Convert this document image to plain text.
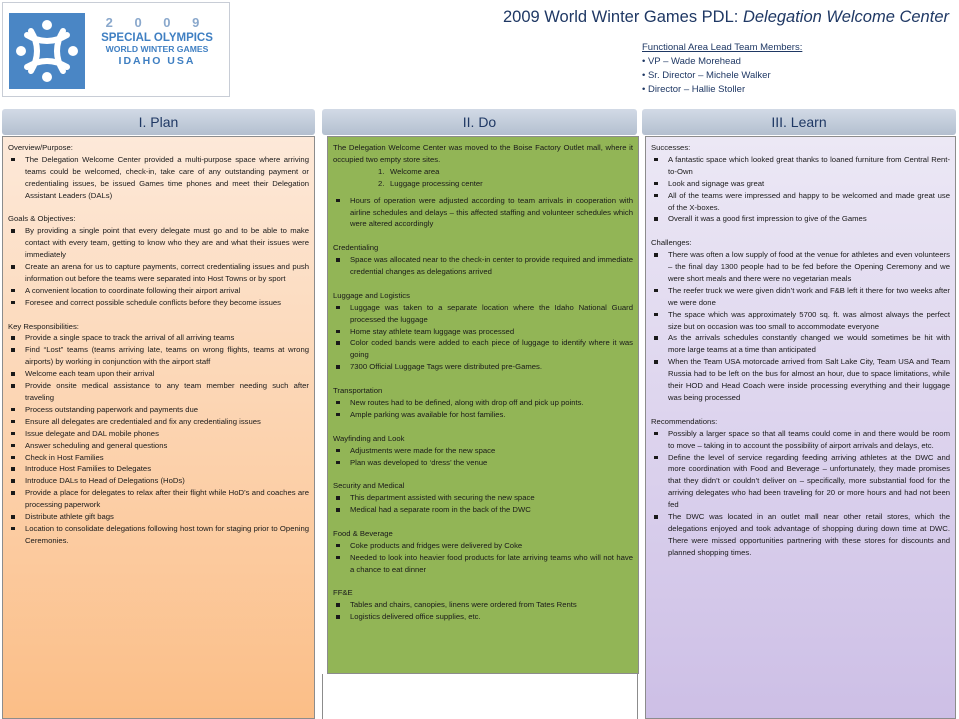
2 0 0 9
SPECIAL OLYMPICS
WORLD WINTER GAMES
IDAHO USA
2009 World Winter Games PDL: Delegation Welcome Center
Functional Area Lead Team Members:
• VP – Wade Morehead
• Sr. Director – Michele Walker
• Director – Hallie Stoller
I. Plan	II. Do	III. Learn
Overview/Purpose:
The Delegation Welcome Center provided a multi-purpose space where arriving teams could be welcomed, check-in, take care of any outstanding payment or credentialing issues, be issued Games time phones and meet their Delegation Assistant Leaders (DALs)
Goals & Objectives:
By providing a single point that every delegate must go and to be able to make contact with every team, getting to know who they are and what their issues were immediately
Create an arena for us to capture payments, correct credentialing issues and push information out before the teams were separated into Host Towns or by sport
A convenient location to coordinate following their airport arrival
Foresee and correct possible schedule conflicts before they become issues
Key Responsibilities:
Provide a single space to track the arrival of all arriving teams
Find “Lost” teams (teams arriving late, teams on wrong flights, teams at wrong airports) by working in conjunction with the airport staff
Welcome each team upon their arrival
Provide onsite medical assistance to any team member needing such after traveling
Process outstanding paperwork and payments due
Ensure all delegates are credentialed and fix any credentialing issues
Issue delegate and DAL mobile phones
Answer scheduling and general questions
Check in Host Families
Introduce Host Families to Delegates
Introduce DALs to Head of Delegations (HoDs)
Provide a place for delegates to relax after their flight while HoD’s and coaches are processing paperwork
Distribute athlete gift bags
Location to consolidate delegations following host town for staging prior to Opening Ceremonies.
The Delegation Welcome Center was moved to the Boise Factory Outlet mall, where it occupied two empty store sites.
1. Welcome area
2. Luggage processing center
Hours of operation were adjusted according to team arrivals in cooperation with airline schedules and delays – this affected staffing and volunteer schedules which were altered accordingly
Credentialing
Space was allocated near to the check-in center to provide required and immediate credential changes as delegations arrived
Luggage and Logistics
Luggage was taken to a separate location where the Idaho National Guard processed the luggage
Home stay athlete team luggage was processed
Color coded bands were added to each piece of luggage to identify where it was going
7300 Official Luggage Tags were distributed pre-Games.
Transportation
New routes had to be defined, along with drop off and pick up points.
Ample parking was available for host families.
Wayfinding and Look
Adjustments were made for the new space
Plan was developed to ‘dress’ the venue
Security and Medical
This department assisted with securing the new space
Medical had a separate room in the back of the DWC
Food & Beverage
Coke products and fridges were delivered by Coke
Needed to look into heavier food products for late arriving teams who will not have a chance to eat dinner
FF&E
Tables and chairs, canopies, linens were ordered from Tates Rents
Logistics delivered office supplies, etc.
Successes:
A fantastic space which looked great thanks to loaned furniture from Central Rent-to-Own
Look and signage was great
All of the teams were impressed and happy to be welcomed and made great use of the X-boxes.
Overall it was a good first impression to give of the Games
Challenges:
There was often a low supply of food at the venue for athletes and even volunteers – the final day 1300 people had to be fed before the Opening Ceremony and we were short meals and there were no vegetarian meals
The reefer truck we were given didn’t work and F&B left it there for two weeks after we were done
The space which was approximately 5700 sq. ft. was almost always the perfect size but on occasion was too small to accommodate everyone
As the arrivals schedules constantly changed we would sometimes be hit with more large teams at a time than anticipated
When the Team USA motorcade arrived from Salt Lake City, Team USA and Team Russia had to be left on the bus for almost an hour, due to space limitations, while their HOD and Head Coach were inside processing everything and their luggage was being processed
Recommendations:
Possibly a larger space so that all teams could come in and there would be room to move – taking in to account the possibility of airport arrivals and delays, etc.
Define the level of service regarding feeding arriving athletes at the DWC and more coordination with Food and Beverage – unfortunately, they made promises that they didn’t or couldn’t deliver on – specifically, more substantial food for the arriving delegates who had been traveling for 20 or more hours and had not been fed
The DWC was located in an outlet mall near other retail stores, which the delegations enjoyed and took advantage of shopping during down time at DWC. There were missed opportunities partnering with these stores for discounts and planned shopping times.
